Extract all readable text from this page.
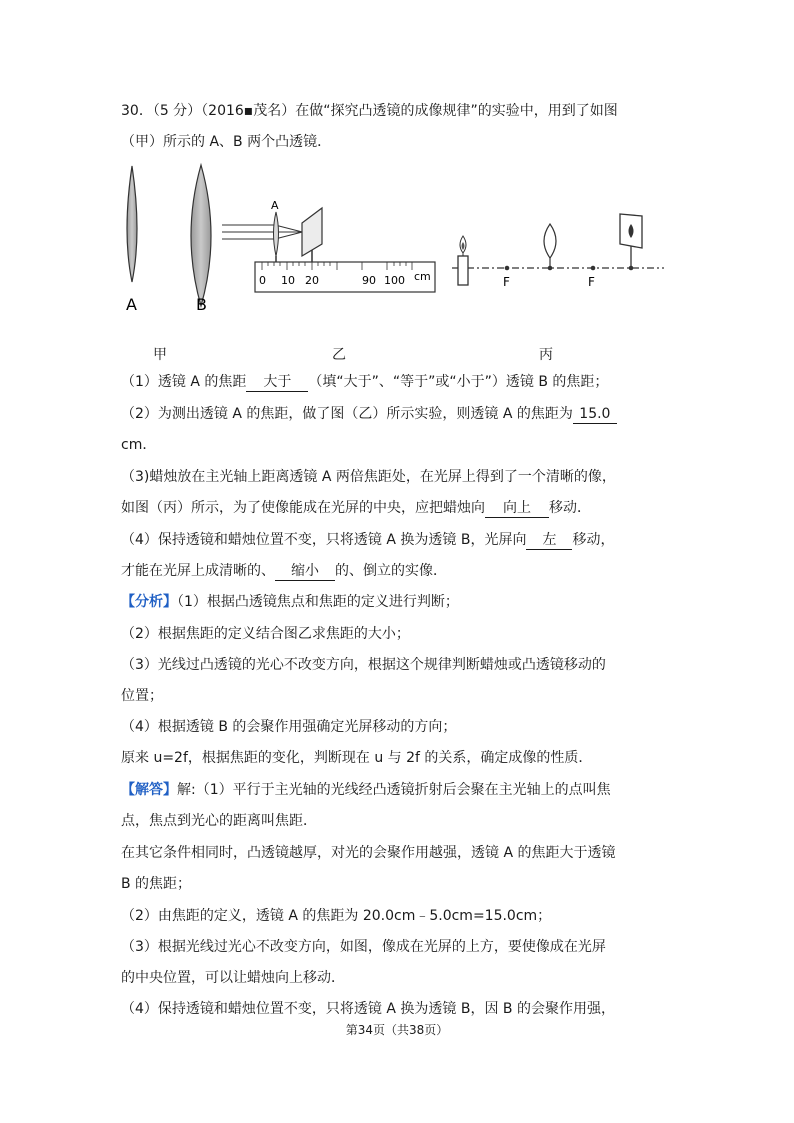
30．（5 分）（2016▪茂名）在做“探究凸透镜的成像规律”的实验中，用到了如图
（甲）所示的 A、B 两个凸透镜．
A	B
A
0 10 20	90 100 cm	F	F
甲	乙	丙
（1）透镜 A 的焦距 大于 （填“大于”、“等于”或“小于”）透镜 B 的焦距；
（2）为测出透镜 A 的焦距，做了图（乙）所示实验，则透镜 A 的焦距为 15.0
cm．
（3)蜡烛放在主光轴上距离透镜 A 两倍焦距处，在光屏上得到了一个清晰的像，
如图（丙）所示，为了使像能成在光屏的中央，应把蜡烛向 向上 移动．
（4）保持透镜和蜡烛位置不变，只将透镜 A 换为透镜 B，光屏向 左 移动，
才能在光屏上成清晰的、 缩小 的、倒立的实像．
【分析】（1）根据凸透镜焦点和焦距的定义进行判断；
（2）根据焦距的定义结合图乙求焦距的大小；
（3）光线过凸透镜的光心不改变方向，根据这个规律判断蜡烛或凸透镜移动的
位置；
（4）根据透镜 B 的会聚作用强确定光屏移动的方向；
原来 u=2f，根据焦距的变化，判断现在 u 与 2f 的关系，确定成像的性质．
【解答】解:（1）平行于主光轴的光线经凸透镜折射后会聚在主光轴上的点叫焦
点，焦点到光心的距离叫焦距．
在其它条件相同时，凸透镜越厚，对光的会聚作用越强，透镜 A 的焦距大于透镜
B 的焦距；
（2）由焦距的定义，透镜 A 的焦距为 20.0cm﹣5.0cm=15.0cm；
（3）根据光线过光心不改变方向，如图，像成在光屏的上方，要使像成在光屏
的中央位置，可以让蜡烛向上移动．
（4）保持透镜和蜡烛位置不变，只将透镜 A 换为透镜 B，因 B 的会聚作用强，
第34页（共38页）
